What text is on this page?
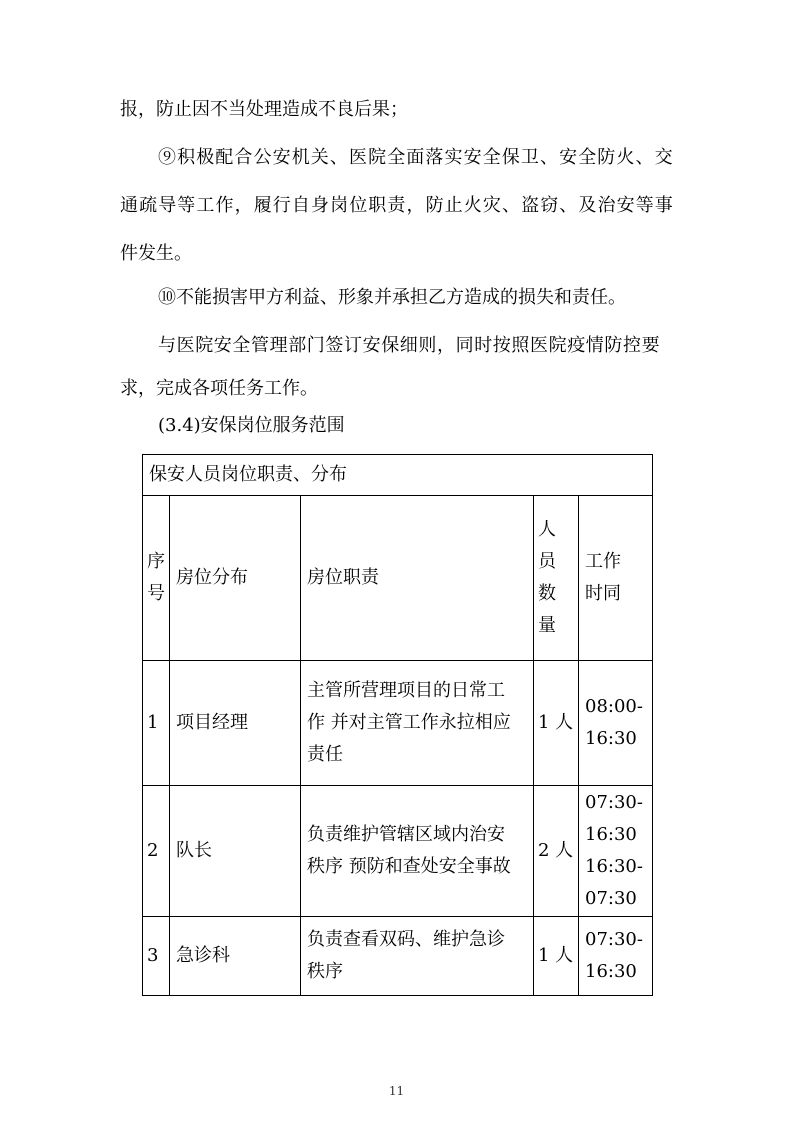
报，防止因不当处理造成不良后果；
⑨积极配合公安机关、医院全面落实安全保卫、安全防火、交
通疏导等工作，履行自身岗位职责，防止火灾、盗窃、及治安等事
件发生。
⑩不能损害甲方利益、形象并承担乙方造成的损失和责任。
与医院安全管理部门签订安保细则，同时按照医院疫情防控要
求，完成各项任务工作。
(3.4)安保岗位服务范围
保安人员岗位职责、分布				

序
号	房位分布	房位职责	人
员
数
量	工作
时同

1	项目经理	主管所营理项目的日常工
作 并对主管工作永拉相应
责任	1 人	08:00-
16:30

2	队长	负责维护管辖区域内治安
秩序 预防和查处安全事故	2 人	07:30-
16:30
16:30-
07:30

3	急诊科	负责查看双码、维护急诊
秩序	1 人	07:30-
16:30
11
